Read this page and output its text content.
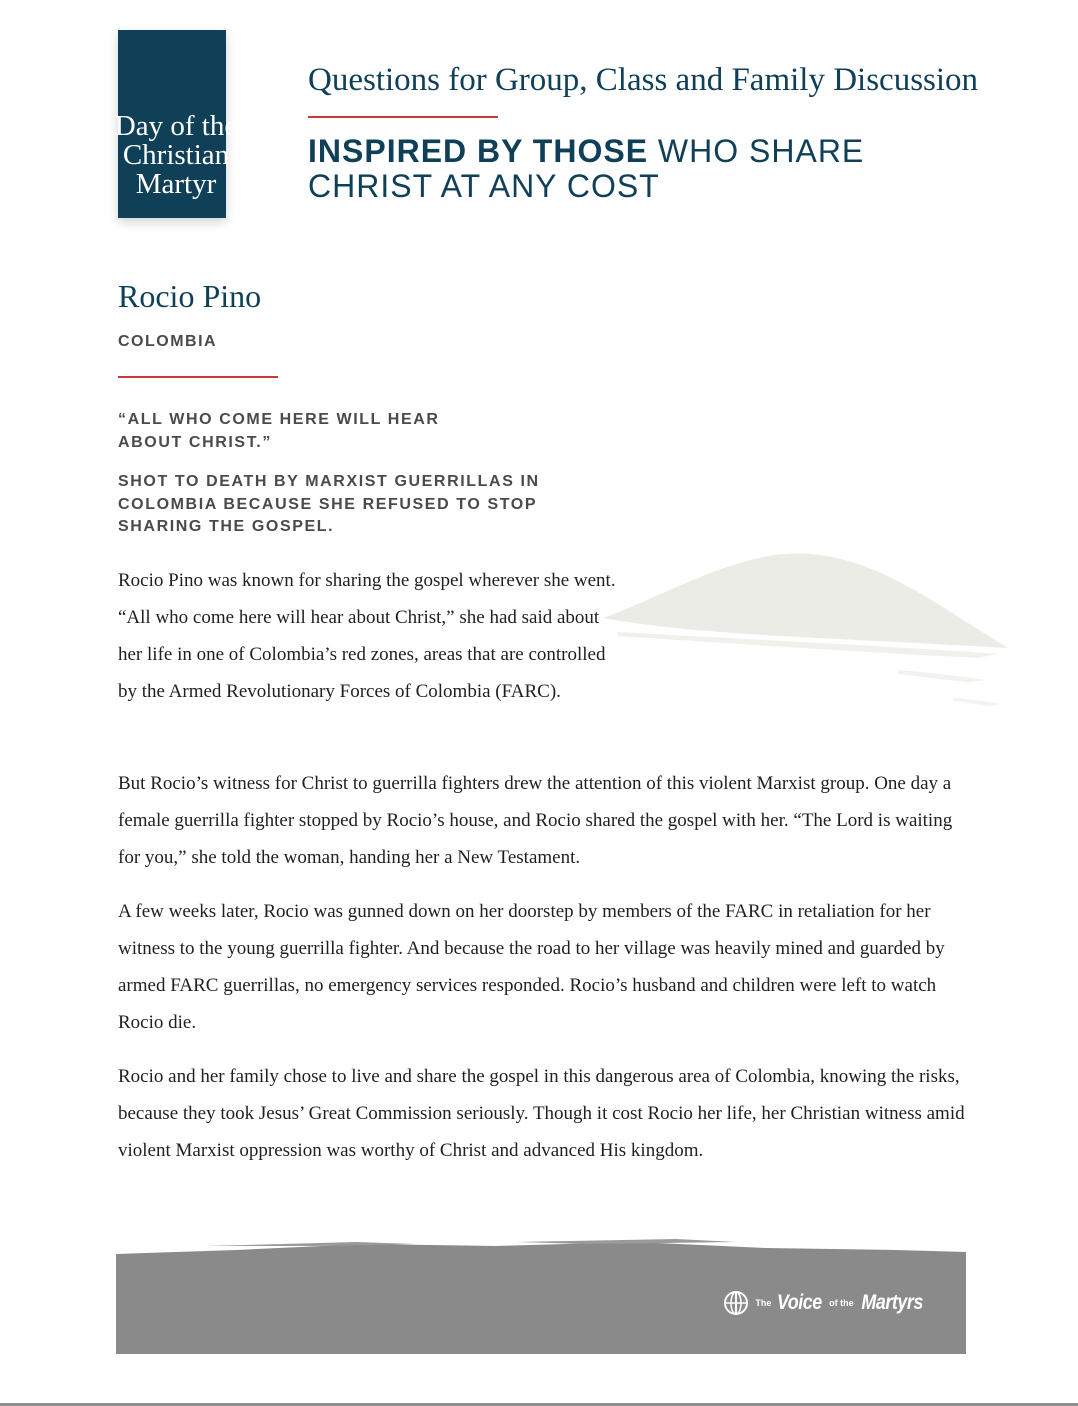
Day of the
Christian
Martyr
Questions for Group, Class and Family Discussion
INSPIRED BY THOSE WHO SHARE
CHRIST AT ANY COST
Rocio Pino
COLOMBIA
“ALL WHO COME HERE WILL HEAR ABOUT CHRIST.”
SHOT TO DEATH BY MARXIST GUERRILLAS IN COLOMBIA BECAUSE SHE REFUSED TO STOP SHARING THE GOSPEL.

Rocio Pino was known for sharing the gospel wherever she went. “All who come here will hear about Christ,” she had said about her life in one of Colombia’s red zones, areas that are controlled by the Armed Revolutionary Forces of Colombia (FARC).

But Rocio’s witness for Christ to guerrilla fighters drew the attention of this violent Marxist group. One day a female guerrilla fighter stopped by Rocio’s house, and Rocio shared the gospel with her. “The Lord is waiting for you,” she told the woman, handing her a New Testament.

A few weeks later, Rocio was gunned down on her doorstep by members of the FARC in retaliation for her witness to the young guerrilla fighter. And because the road to her village was heavily mined and guarded by armed FARC guerrillas, no emergency services responded. Rocio’s husband and children were left to watch Rocio die.

Rocio and her family chose to live and share the gospel in this dangerous area of Colombia, knowing the risks, because they took Jesus’ Great Commission seriously. Though it cost Rocio her life, her Christian witness amid violent Marxist oppression was worthy of Christ and advanced His kingdom.

The Voice of the Martyrs
